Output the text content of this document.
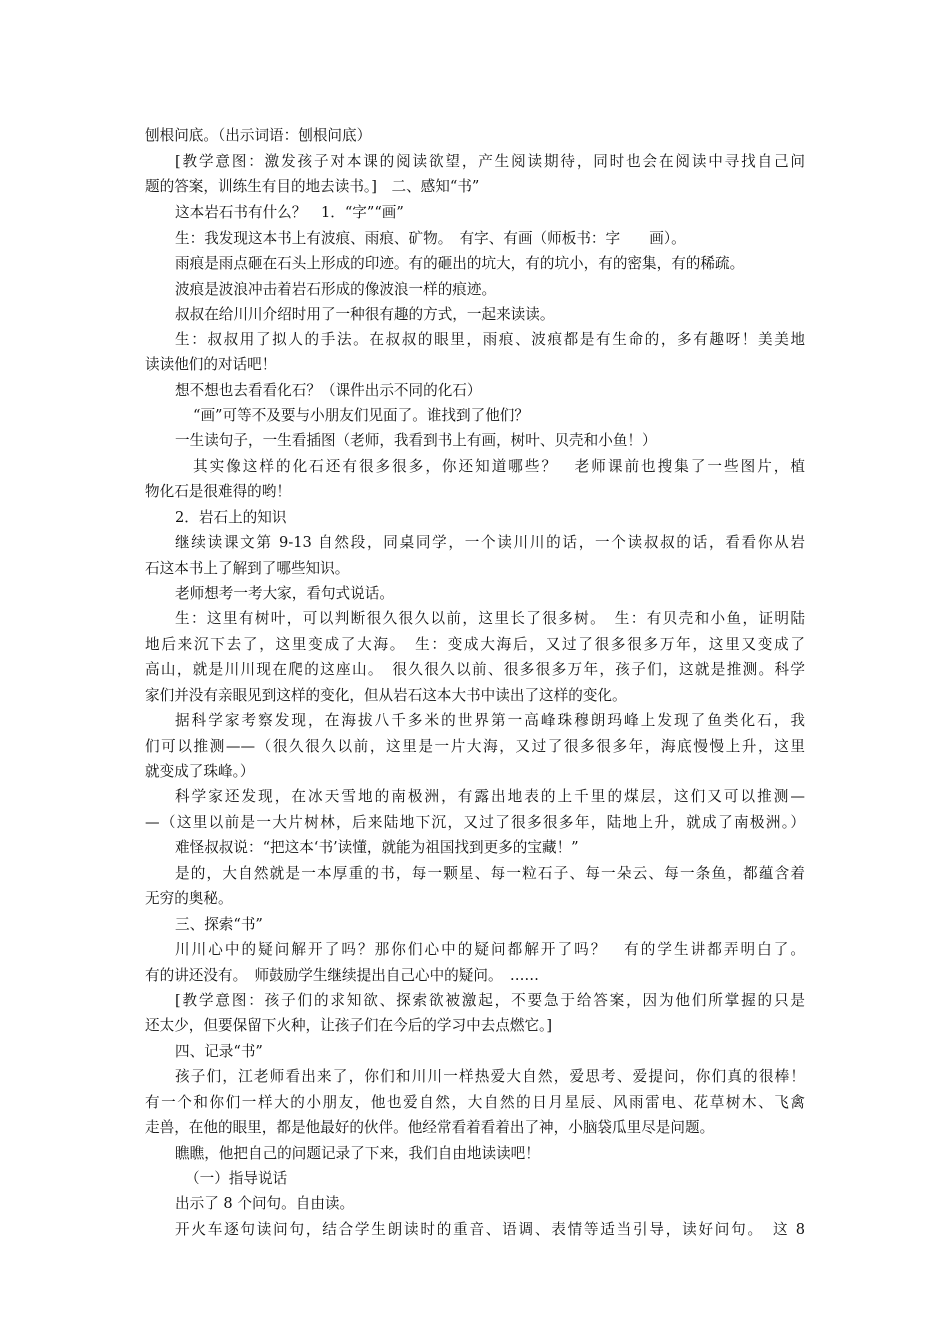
刨根问底。（出示词语：刨根问底）

[教学意图：激发孩子对本课的阅读欲望，产生阅读期待，同时也会在阅读中寻找自己问

题的答案，训练生有目的地去读书。]　二、感知“书”

这本岩石书有什么？　1．“字”“画”

生：我发现这本书上有波痕、雨痕、矿物。　有字、有画（师板书：字　　画）。

雨痕是雨点砸在石头上形成的印迹。有的砸出的坑大，有的坑小，有的密集，有的稀疏。

波痕是波浪冲击着岩石形成的像波浪一样的痕迹。

叔叔在给川川介绍时用了一种很有趣的方式，一起来读读。

生：叔叔用了拟人的手法。在叔叔的眼里，雨痕、波痕都是有生命的，多有趣呀！美美地

读读他们的对话吧！

想不想也去看看化石？（课件出示不同的化石）

“画”可等不及要与小朋友们见面了。谁找到了他们？

一生读句子，一生看插图（老师，我看到书上有画，树叶、贝壳和小鱼！）

其实像这样的化石还有很多很多，你还知道哪些？　老师课前也搜集了一些图片，植

物化石是很难得的哟！

2．岩石上的知识

继续读课文第 9-13 自然段，同桌同学，一个读川川的话，一个读叔叔的话，看看你从岩

石这本书上了解到了哪些知识。

老师想考一考大家，看句式说话。

生：这里有树叶，可以判断很久很久以前，这里长了很多树。　生：有贝壳和小鱼，证明陆

地后来沉下去了，这里变成了大海。　生：变成大海后，又过了很多很多万年，这里又变成了

高山，就是川川现在爬的这座山。　很久很久以前、很多很多万年，孩子们，这就是推测。科学

家们并没有亲眼见到这样的变化，但从岩石这本大书中读出了这样的变化。

据科学家考察发现，在海拔八千多米的世界第一高峰珠穆朗玛峰上发现了鱼类化石，我

们可以推测——（很久很久以前，这里是一片大海，又过了很多很多年，海底慢慢上升，这里

就变成了珠峰。）

科学家还发现，在冰天雪地的南极洲，有露出地表的上千里的煤层，这们又可以推测—

—（这里以前是一大片树林，后来陆地下沉，又过了很多很多年，陆地上升，就成了南极洲。）

难怪叔叔说：“把这本‘书’读懂，就能为祖国找到更多的宝藏！”

是的，大自然就是一本厚重的书，每一颗星、每一粒石子、每一朵云、每一条鱼，都蕴含着

无穷的奥秘。

三、探索“书”

川川心中的疑问解开了吗？那你们心中的疑问都解开了吗？　有的学生讲都弄明白了。

有的讲还没有。　师鼓励学生继续提出自己心中的疑问。　……

[教学意图：孩子们的求知欲、探索欲被激起，不要急于给答案，因为他们所掌握的只是

还太少，但要保留下火种，让孩子们在今后的学习中去点燃它。]

四、记录“书”

孩子们，江老师看出来了，你们和川川一样热爱大自然，爱思考、爱提问，你们真的很棒！

有一个和你们一样大的小朋友，他也爱自然，大自然的日月星辰、风雨雷电、花草树木、飞禽

走兽，在他的眼里，都是他最好的伙伴。他经常看着看着出了神，小脑袋瓜里尽是问题。

瞧瞧，他把自己的问题记录了下来，我们自由地读读吧！

（一）指导说话

出示了 8 个问句。自由读。

开火车逐句读问句，结合学生朗读时的重音、语调、表情等适当引导，读好问句。　这 8
